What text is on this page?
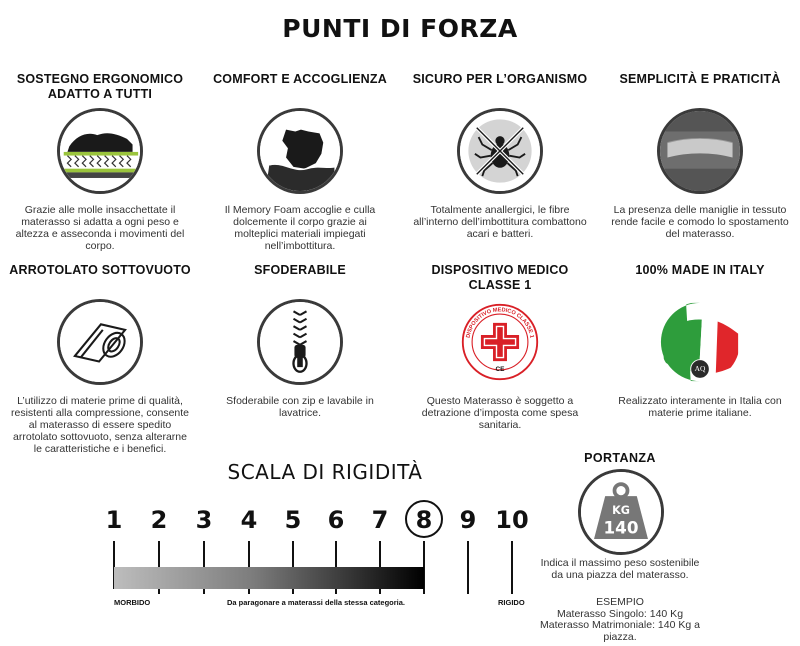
PUNTI DI FORZA
SOSTEGNO ERGONOMICO ADATTO A TUTTI
Grazie alle molle insacchettate il materasso si adatta a ogni peso e altezza e asseconda i movimenti del corpo.
COMFORT E ACCOGLIENZA
Il Memory Foam accoglie e culla dolcemente il corpo grazie ai molteplici materiali impiegati nell’imbottitura.
SICURO PER L’ORGANISMO
Totalmente anallergici, le fibre all’interno dell’imbottitura combattono acari e batteri.
SEMPLICITÀ E PRATICITÀ
La presenza delle maniglie in tessuto rende facile e comodo lo spostamento del materasso.
ARROTOLATO SOTTOVUOTO
L’utilizzo di materie prime di qualità, resistenti alla compressione, consente al materasso di essere spedito arrotolato sottovuoto, senza alterarne le caratteristiche e i benefici.
SFODERABILE
Sfoderabile con zip e lavabile in lavatrice.
DISPOSITIVO MEDICO CLASSE 1
CE
DISPOSITIVO MEDICO CLASSE 1
Questo Materasso è soggetto a detrazione d’imposta come spesa sanitaria.
100% MADE IN ITALY
AQ
Realizzato interamente in Italia con materie prime italiane.
SCALA DI RIGIDITÀ
1	2	3	4	5	6	7	8	9 10
MORBIDO	Da paragonare a materassi della stessa categoria.	RIGIDO
PORTANZA
KG
140
Indica il massimo peso sostenibile da una piazza del materasso.
ESEMPIO
Materasso Singolo: 140 Kg
Materasso Matrimoniale: 140 Kg a piazza.
